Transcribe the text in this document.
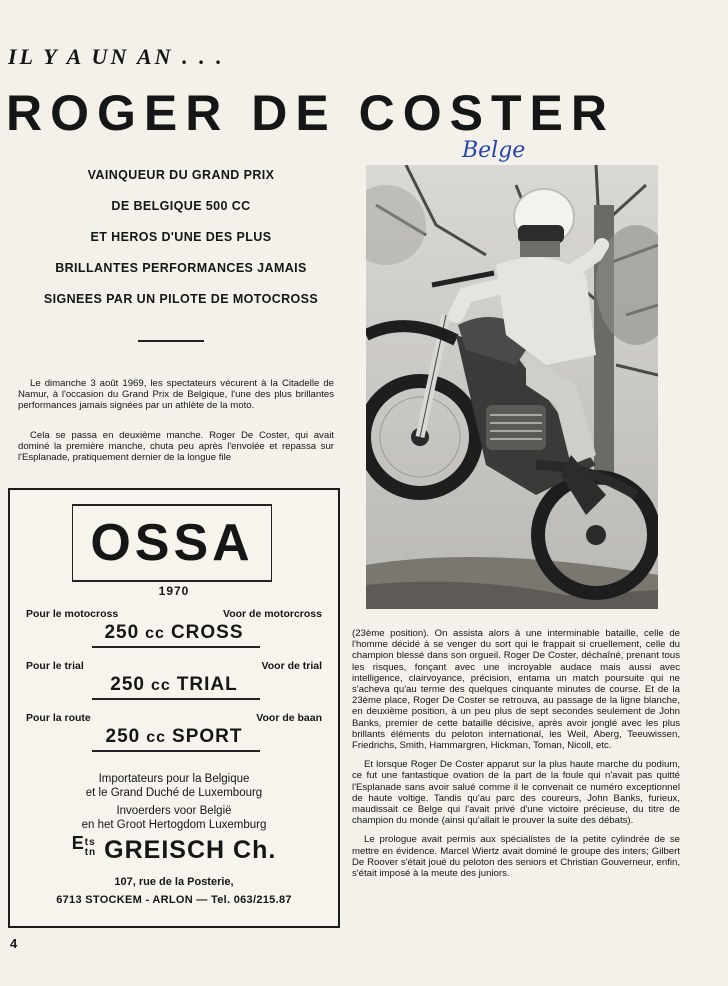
IL Y A UN AN . . .
ROGER DE COSTER
Belge
VAINQUEUR DU GRAND PRIX
DE BELGIQUE 500 CC
ET HEROS D'UNE DES PLUS
BRILLANTES PERFORMANCES JAMAIS
SIGNEES PAR UN PILOTE DE MOTOCROSS
Le dimanche 3 août 1969, les spectateurs vécurent à la Citadelle de Namur, à l'occasion du Grand Prix de Belgique, l'une des plus brillantes performances jamais signées par un athlète de la moto.
Cela se passa en deuxième manche. Roger De Coster, qui avait dominé la première manche, chuta peu après l'envolée et repassa sur l'Esplanade, pratiquement dernier de la longue file

(23ème position). On assista alors à une interminable bataille, celle de l'homme décidé à se venger du sort qui le frappait si cruellement, celle du champion blessé dans son orgueil. Roger De Coster, déchaîné, prenant tous les risques, fonçant avec une incroyable audace mais aussi avec intelligence, clairvoyance, précision, entama un match poursuite qui ne s'acheva qu'au terme des quelques cinquante minutes de course. Et de la 23ème place, Roger De Coster se retrouva, au passage de la ligne blanche, en deuxième position, à un peu plus de sept secondes seulement de John Banks, premier de cette bataille décisive, après avoir jonglé avec les plus brillants éléments du peloton international, les Weil, Aberg, Teeuwissen, Friedrichs, Smith, Hammargren, Hickman, Toman, Nicoll, etc.

Et lorsque Roger De Coster apparut sur la plus haute marche du podium, ce fut une fantastique ovation de la part de la foule qui n'avait pas quitté l'Esplanade sans avoir salué comme il le convenait ce numéro exceptionnel de haute voltige. Tandis qu'au parc des coureurs, John Banks, furieux, maudissait ce Belge qui l'avait privé d'une victoire précieuse, du titre de champion du monde (ainsi qu'allait le prouver la suite des débats).

Le prologue avait permis aux spécialistes de la petite cylindrée de se mettre en évidence. Marcel Wiertz avait dominé le groupe des inters; Gilbert De Roover s'était joué du peloton des seniors et Christian Gouverneur, enfin, s'était imposé à la meute des juniors.

OSSA
1970
Pour le motocross	Voor de motorcross
250 cc CROSS
Pour le trial	Voor de trial
250 cc TRIAL
Pour la route	Voor de baan
250 cc SPORT
Importateurs pour la Belgique
et le Grand Duché de Luxembourg
Invoerders voor België
en het Groot Hertogdom Luxemburg
E ts
tn GREISCH Ch.
107, rue de la Posterie,
6713 STOCKEM - ARLON — Tel. 063/215.87
4
